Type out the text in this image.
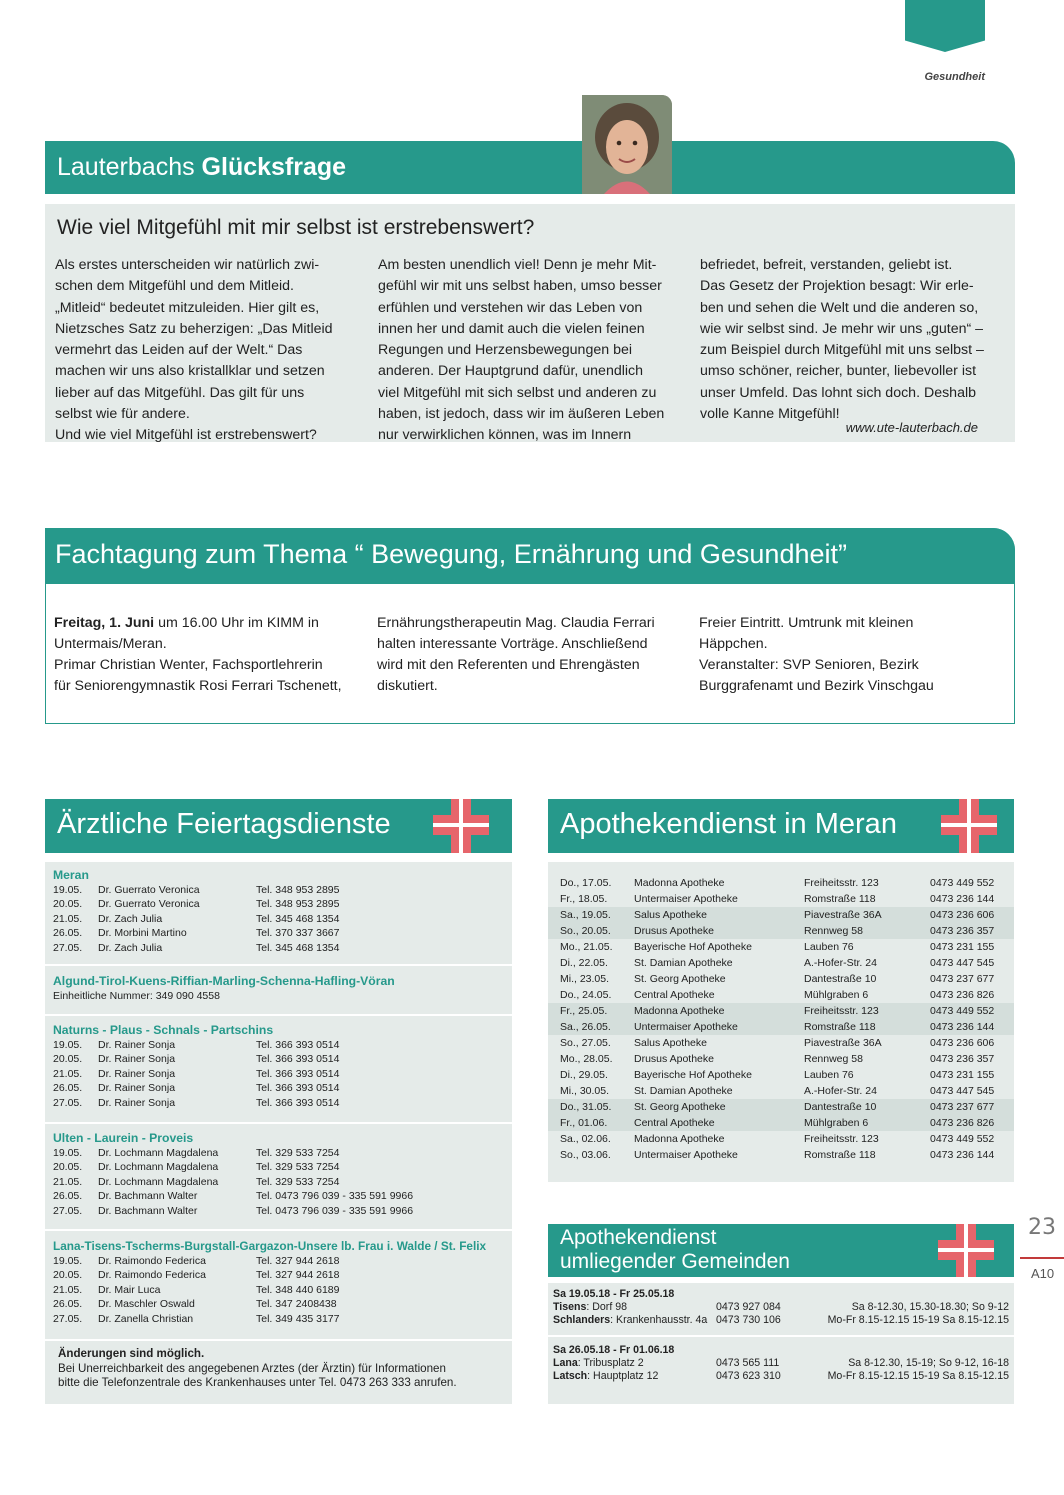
Gesundheit
Lauterbachs Glücksfrage
Wie viel Mitgefühl mit mir selbst ist erstrebenswert?

Als erstes unterscheiden wir natürlich zwi-

schen dem Mitgefühl und dem Mitleid.

„Mitleid“ bedeutet mitzuleiden. Hier gilt es,

Nietzsches Satz zu beherzigen: „Das Mitleid

vermehrt das Leiden auf der Welt.“ Das

machen wir uns also kristallklar und setzen

lieber auf das Mitgefühl. Das gilt für uns

selbst wie für andere.

Und wie viel Mitgefühl ist erstrebenswert?

Am besten unendlich viel! Denn je mehr Mit-

gefühl wir mit uns selbst haben, umso besser

erfühlen und verstehen wir das Leben von

innen her und damit auch die vielen feinen

Regungen und Herzensbewegungen bei

anderen. Der Hauptgrund dafür, unendlich

viel Mitgefühl mit sich selbst und anderen zu

haben, ist jedoch, dass wir im äußeren Leben

nur verwirklichen können, was im Innern

befriedet, befreit, verstanden, geliebt ist.

Das Gesetz der Projektion besagt: Wir erle-

ben und sehen die Welt und die anderen so,

wie wir selbst sind. Je mehr wir uns „guten“ –

zum Beispiel durch Mitgefühl mit uns selbst –

umso schöner, reicher, bunter, liebevoller ist

unser Umfeld. Das lohnt sich doch. Deshalb

volle Kanne Mitgefühl!

www.ute-lauterbach.de
Fachtagung zum Thema “ Bewegung, Ernährung und Gesundheit”

Freitag, 1. Juni um 16.00 Uhr im KIMM in

Untermais/Meran.

Primar Christian Wenter, Fachsportlehrerin

für Seniorengymnastik Rosi Ferrari Tschenett,

Ernährungstherapeutin Mag. Claudia Ferrari

halten interessante Vorträge. Anschließend

wird mit den Referenten und Ehrengästen

diskutiert.

Freier Eintritt. Umtrunk mit kleinen

Häppchen.

Veranstalter: SVP Senioren, Bezirk

Burggrafenamt und Bezirk Vinschgau

Ärztliche Feiertagsdienste
Meran
19.05. Dr. Guerrato Veronica	Tel. 348 953 2895
20.05. Dr. Guerrato Veronica	Tel. 348 953 2895
21.05. Dr. Zach Julia	Tel. 345 468 1354
26.05. Dr. Morbini Martino	Tel. 370 337 3667
27.05. Dr. Zach Julia	Tel. 345 468 1354
Algund-Tirol-Kuens-Riffian-Marling-Schenna-Hafling-Vöran
Einheitliche Nummer: 349 090 4558
Naturns - Plaus - Schnals - Partschins
19.05. Dr. Rainer Sonja	Tel. 366 393 0514
20.05. Dr. Rainer Sonja	Tel. 366 393 0514
21.05. Dr. Rainer Sonja	Tel. 366 393 0514
26.05. Dr. Rainer Sonja	Tel. 366 393 0514
27.05. Dr. Rainer Sonja	Tel. 366 393 0514
Ulten - Laurein - Proveis
19.05. Dr. Lochmann Magdalena	Tel. 329 533 7254
20.05. Dr. Lochmann Magdalena	Tel. 329 533 7254
21.05. Dr. Lochmann Magdalena	Tel. 329 533 7254
26.05. Dr. Bachmann Walter	Tel. 0473 796 039 - 335 591 9966
27.05. Dr. Bachmann Walter	Tel. 0473 796 039 - 335 591 9966
Lana-Tisens-Tscherms-Burgstall-Gargazon-Unsere lb. Frau i. Walde / St. Felix
19.05. Dr. Raimondo Federica	Tel. 327 944 2618
20.05. Dr. Raimondo Federica	Tel. 327 944 2618
21.05. Dr. Mair Luca	Tel. 348 440 6189
26.05. Dr. Maschler Oswald	Tel. 347 2408438
27.05. Dr. Zanella Christian	Tel. 349 435 3177
Änderungen sind möglich.
Bei Unerreichbarkeit des angegebenen Arztes (der Ärztin) für Informationen
bitte die Telefonzentrale des Krankenhauses unter Tel. 0473 263 333 anrufen.
Apothekendienst in Meran
Do., 17.05. Madonna Apotheke	Freiheitsstr. 123	0473 449 552
Fr., 18.05.	Untermaiser Apotheke	Romstraße 118	0473 236 144
Sa., 19.05. Salus Apotheke	Piavestraße 36A	0473 236 606
So., 20.05. Drusus Apotheke	Rennweg 58	0473 236 357
Mo., 21.05. Bayerische Hof Apotheke	Lauben 76	0473 231 155
Di., 22.05. St. Damian Apotheke	A.-Hofer-Str. 24	0473 447 545
Mi., 23.05. St. Georg Apotheke	Dantestraße 10	0473 237 677
Do., 24.05. Central Apotheke	Mühlgraben 6	0473 236 826
Fr., 25.05.	Madonna Apotheke	Freiheitsstr. 123	0473 449 552
Sa., 26.05. Untermaiser Apotheke	Romstraße 118	0473 236 144
So., 27.05. Salus Apotheke	Piavestraße 36A	0473 236 606
Mo., 28.05. Drusus Apotheke	Rennweg 58	0473 236 357
Di., 29.05. Bayerische Hof Apotheke	Lauben 76	0473 231 155
Mi., 30.05. St. Damian Apotheke	A.-Hofer-Str. 24	0473 447 545
Do., 31.05. St. Georg Apotheke	Dantestraße 10	0473 237 677
Fr., 01.06.	Central Apotheke	Mühlgraben 6	0473 236 826
Sa., 02.06. Madonna Apotheke	Freiheitsstr. 123	0473 449 552
So., 03.06. Untermaiser Apotheke	Romstraße 118	0473 236 144
Apothekendienst
umliegender Gemeinden
Sa 19.05.18 - Fr 25.05.18
Tisens : Dorf 98	0473 927 084	Sa 8-12.30, 15.30-18.30; So 9-12
Schlanders : Krankenhausstr. 4a 0473 730 106	Mo-Fr 8.15-12.15 15-19 Sa 8.15-12.15
Sa 26.05.18 - Fr 01.06.18
Lana : Tribusplatz 2	0473 565 111	Sa 8-12.30, 15-19; So 9-12, 16-18
Latsch : Hauptplatz 12	0473 623 310	Mo-Fr 8.15-12.15 15-19 Sa 8.15-12.15
23
A10
